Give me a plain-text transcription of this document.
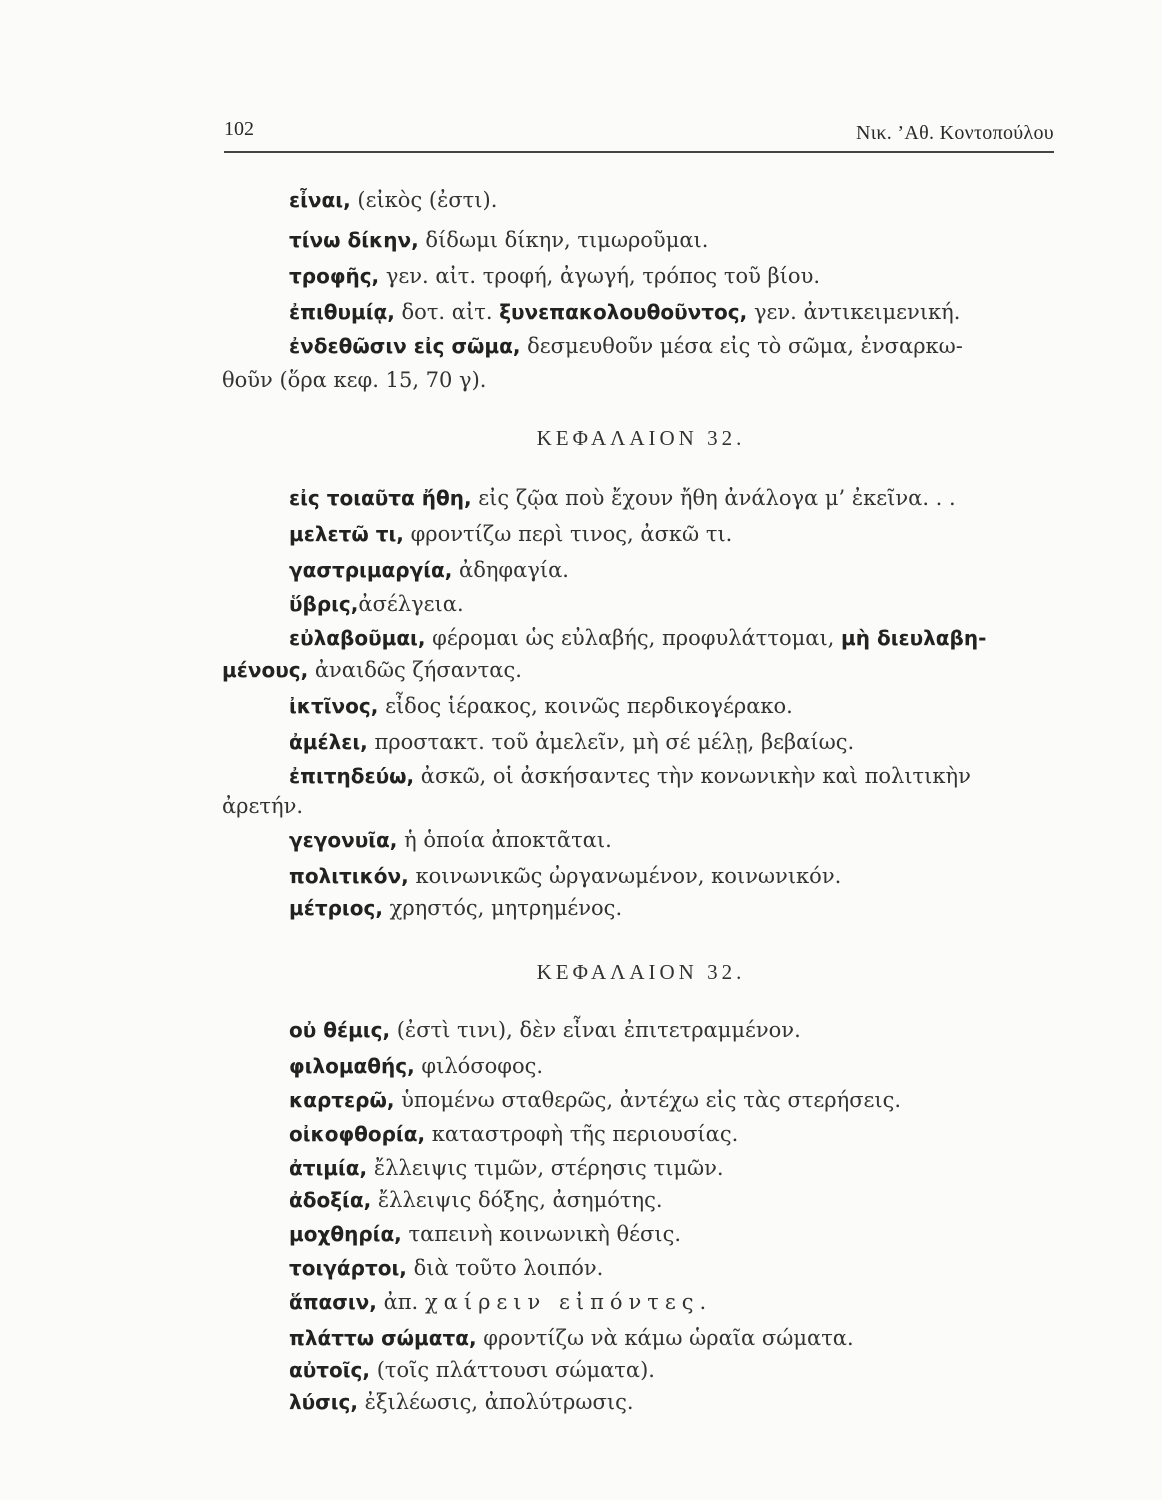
102	Νικ. ’Αθ. Κοντοπούλου
εἶναι, (εἰκὸς (ἐστι).
τίνω δίκην, δίδωμι δίκην, τιμωροῦμαι.
τροφῆς, γεν. αἰτ. τροφή, ἀγωγή, τρόπος τοῦ βίου.
ἐπιθυμίᾳ, δοτ. αἰτ. ξυνεπακολουθοῦντος, γεν. ἀντικειμενική.
ἐνδεθῶσιν εἰς σῶμα, δεσμευθοῦν μέσα εἰς τὸ σῶμα, ἐνσαρκω-
θοῦν (ὅρα κεφ. 15, 70 γ).
ΚΕΦΑΛΑΙΟΝ 32.
εἰς τοιαῦτα ἤθη, εἰς ζῷα ποὺ ἔχουν ἤθη ἀνάλογα μ’ ἐκεῖνα. . .
μελετῶ τι, φροντίζω περὶ τινος, ἀσκῶ τι.
γαστριμαργία, ἀδηφαγία.
ὕβρις,ἀσέλγεια.
εὐλαβοῦμαι, φέρομαι ὡς εὐλαβής, προφυλάττομαι, μὴ διευλαβη-
μένους, ἀναιδῶς ζήσαντας.
ἰκτῖνος, εἶδος ἱέρακος, κοινῶς περδικογέρακο.
ἀμέλει, προστακτ. τοῦ ἀμελεῖν, μὴ σέ μέλῃ, βεβαίως.
ἐπιτηδεύω, ἀσκῶ, οἱ ἀσκήσαντες τὴν κονωνικὴν καὶ πολιτικὴν
ἀρετήν.
γεγονυῖα, ἡ ὁποία ἀποκτᾶται.
πολιτικόν, κοινωνικῶς ὠργανωμένον, κοινωνικόν.
μέτριος, χρηστός, μητρημένος.
ΚΕΦΑΛΑΙΟΝ 32.
οὐ θέμις, (ἐστὶ τινι), δὲν εἶναι ἐπιτετραμμένον.
φιλομαθής, φιλόσοφος.
καρτερῶ, ὑπομένω σταθερῶς, ἀντέχω εἰς τὰς στερήσεις.
οἰκοφθορία, καταστροφὴ τῆς περιουσίας.
ἀτιμία, ἔλλειψις τιμῶν, στέρησις τιμῶν.
ἀδοξία, ἔλλειψις δόξης, ἀσημότης.
μοχθηρία, ταπεινὴ κοινωνικὴ θέσις.
τοιγάρτοι, διὰ τοῦτο λοιπόν.
ἅπασιν, ἀπ. χαίρειν εἰπόντες.
πλάττω σώματα, φροντίζω νὰ κάμω ὡραῖα σώματα.
αὐτοῖς, (τοῖς πλάττουσι σώματα).
λύσις, ἐξιλέωσις, ἀπολύτρωσις.
